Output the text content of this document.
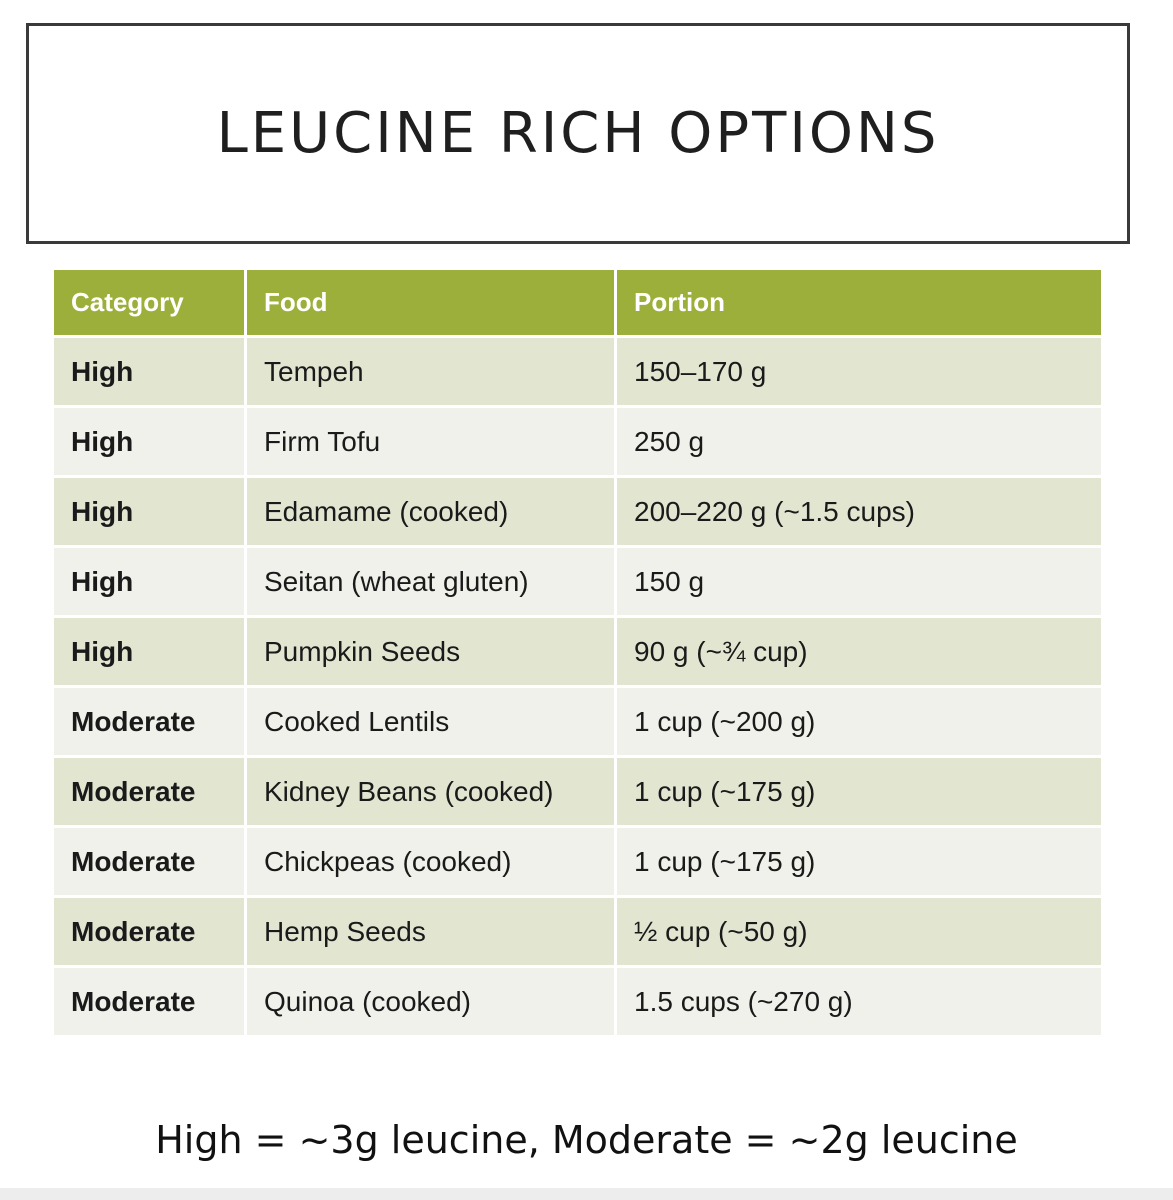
LEUCINE RICH OPTIONS
Category	Food	Portion
High	Tempeh	150–170 g
High	Firm Tofu	250 g
High	Edamame (cooked)	200–220 g (~1.5 cups)
High	Seitan (wheat gluten)	150 g
High	Pumpkin Seeds	90 g (~¾ cup)
Moderate	Cooked Lentils	1 cup (~200 g)
Moderate	Kidney Beans (cooked)	1 cup (~175 g)
Moderate	Chickpeas (cooked)	1 cup (~175 g)
Moderate	Hemp Seeds	½ cup (~50 g)
Moderate	Quinoa (cooked)	1.5 cups (~270 g)
High = ~3g leucine, Moderate = ~2g leucine
